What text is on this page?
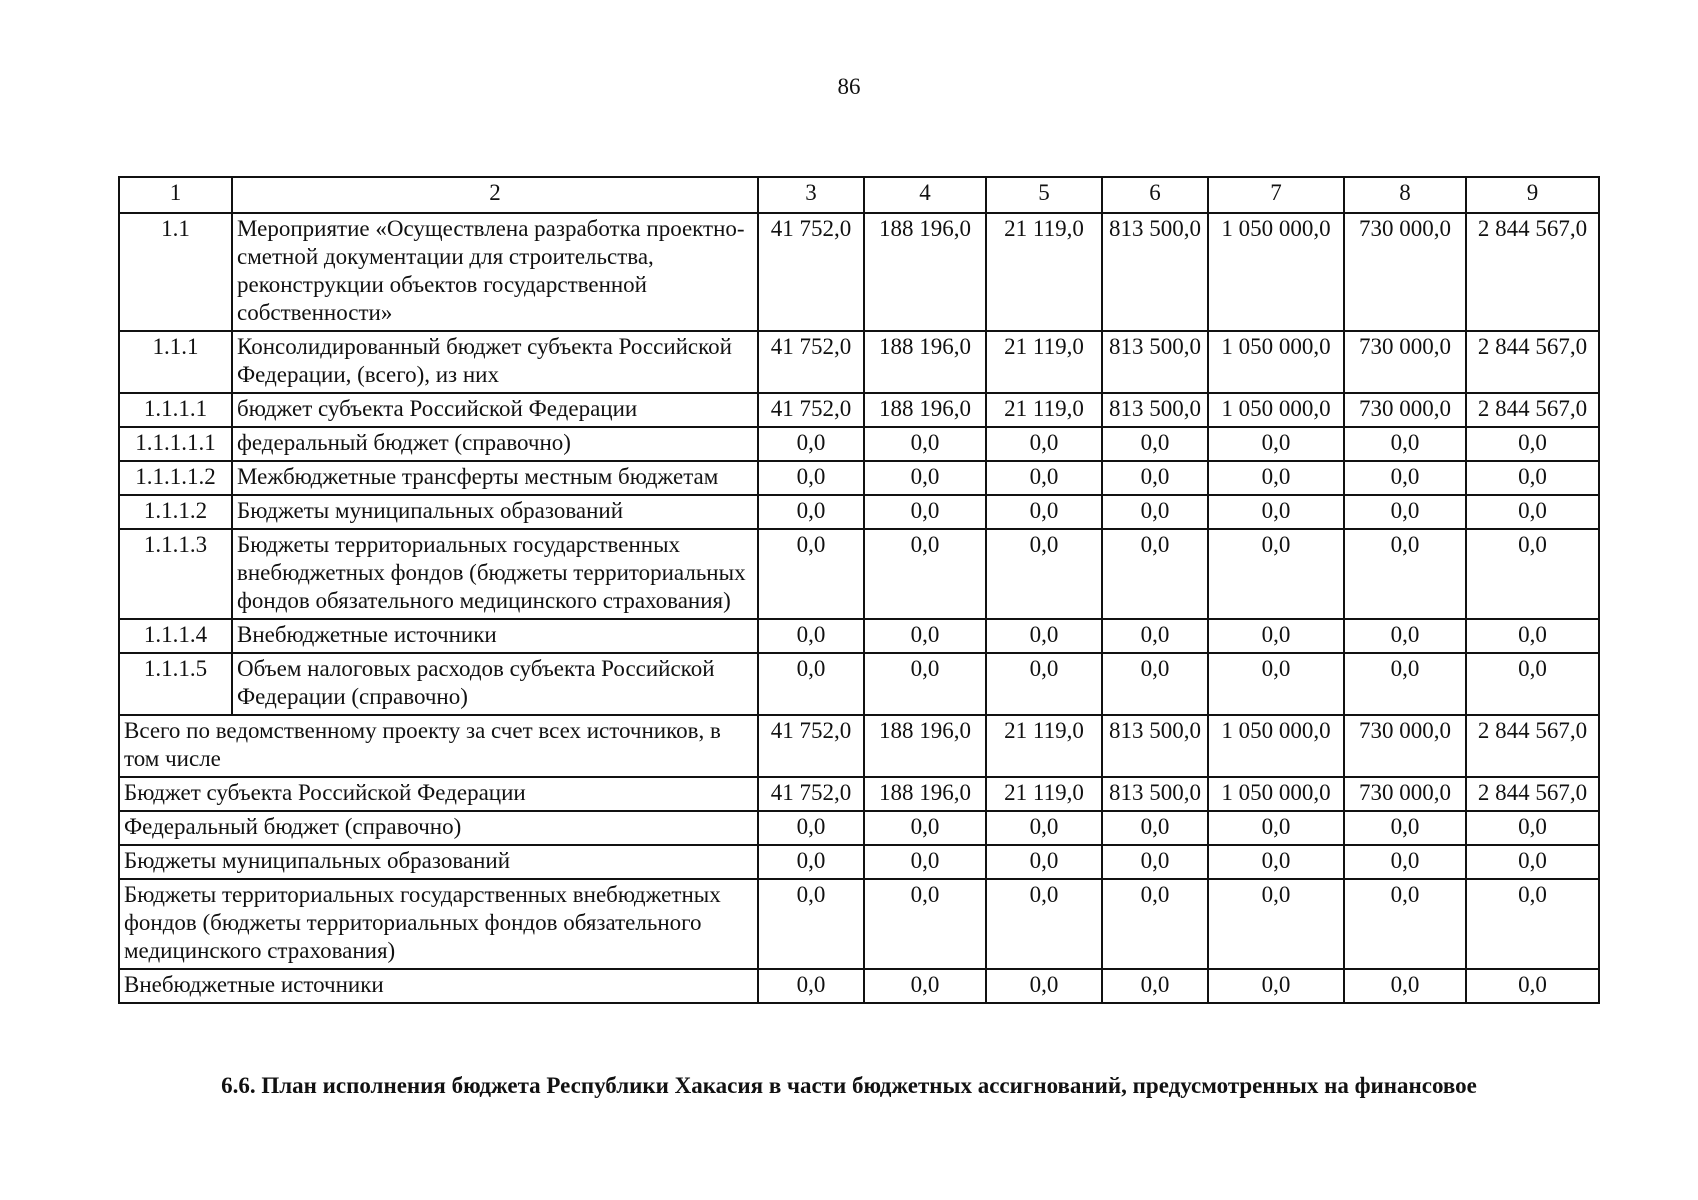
86
1	2	3	4	5	6	7	8	9
1.1	Мероприятие «Осуществлена разработка проектно-сметной документации для строительства, реконструкции объектов государственной собственности»	41 752,0	188 196,0	21 119,0	813 500,0	1 050 000,0	730 000,0	2 844 567,0
1.1.1	Консолидированный бюджет субъекта Российской Федерации, (всего), из них	41 752,0	188 196,0	21 119,0	813 500,0	1 050 000,0	730 000,0	2 844 567,0
1.1.1.1	бюджет субъекта Российской Федерации	41 752,0	188 196,0	21 119,0	813 500,0	1 050 000,0	730 000,0	2 844 567,0
1.1.1.1.1	федеральный бюджет (справочно)	0,0	0,0	0,0	0,0	0,0	0,0	0,0
1.1.1.1.2	Межбюджетные трансферты местным бюджетам	0,0	0,0	0,0	0,0	0,0	0,0	0,0
1.1.1.2	Бюджеты муниципальных образований	0,0	0,0	0,0	0,0	0,0	0,0	0,0
1.1.1.3	Бюджеты территориальных государственных внебюджетных фондов (бюджеты территориальных фондов обязательного медицинского страхования)	0,0	0,0	0,0	0,0	0,0	0,0	0,0
1.1.1.4	Внебюджетные источники	0,0	0,0	0,0	0,0	0,0	0,0	0,0
1.1.1.5	Объем налоговых расходов субъекта Российской Федерации (справочно)	0,0	0,0	0,0	0,0	0,0	0,0	0,0
Всего по ведомственному проекту за счет всех источников, в том числе		41 752,0	188 196,0	21 119,0	813 500,0	1 050 000,0	730 000,0	2 844 567,0
Бюджет субъекта Российской Федерации		41 752,0	188 196,0	21 119,0	813 500,0	1 050 000,0	730 000,0	2 844 567,0
Федеральный бюджет (справочно)		0,0	0,0	0,0	0,0	0,0	0,0	0,0
Бюджеты муниципальных образований		0,0	0,0	0,0	0,0	0,0	0,0	0,0
Бюджеты территориальных государственных внебюджетных фондов (бюджеты территориальных фондов обязательного медицинского страхования)		0,0	0,0	0,0	0,0	0,0	0,0	0,0
Внебюджетные источники		0,0	0,0	0,0	0,0	0,0	0,0	0,0
6.6. План исполнения бюджета Республики Хакасия в части бюджетных ассигнований, предусмотренных на финансовое
